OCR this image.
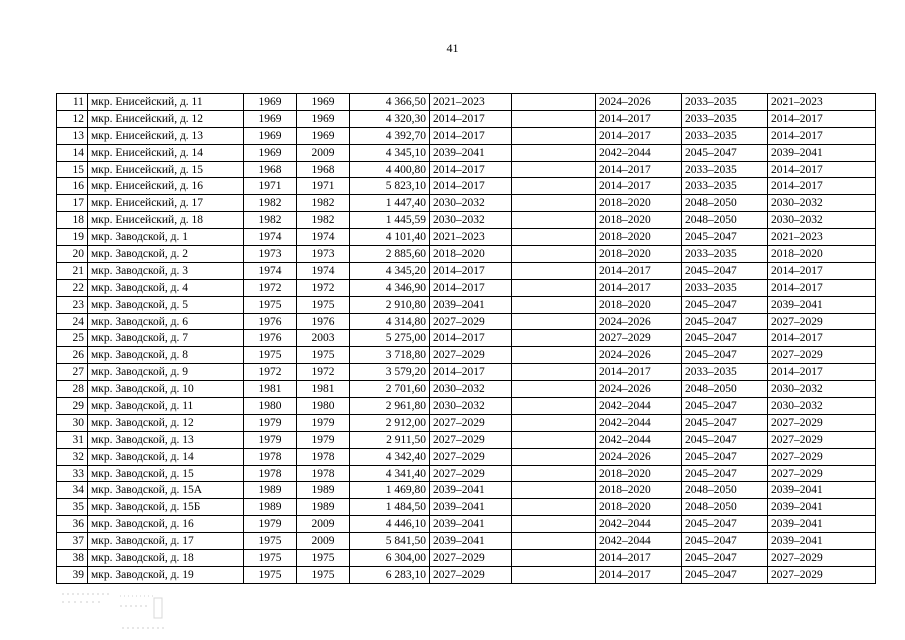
41
11	мкр. Енисейский, д. 11	1969	1969	4 366,50	2021–2023		2024–2026	2033–2035	2021–2023
12	мкр. Енисейский, д. 12	1969	1969	4 320,30	2014–2017		2014–2017	2033–2035	2014–2017
13	мкр. Енисейский, д. 13	1969	1969	4 392,70	2014–2017		2014–2017	2033–2035	2014–2017
14	мкр. Енисейский, д. 14	1969	2009	4 345,10	2039–2041		2042–2044	2045–2047	2039–2041
15	мкр. Енисейский, д. 15	1968	1968	4 400,80	2014–2017		2014–2017	2033–2035	2014–2017
16	мкр. Енисейский, д. 16	1971	1971	5 823,10	2014–2017		2014–2017	2033–2035	2014–2017
17	мкр. Енисейский, д. 17	1982	1982	1 447,40	2030–2032		2018–2020	2048–2050	2030–2032
18	мкр. Енисейский, д. 18	1982	1982	1 445,59	2030–2032		2018–2020	2048–2050	2030–2032
19	мкр. Заводской, д. 1	1974	1974	4 101,40	2021–2023		2018–2020	2045–2047	2021–2023
20	мкр. Заводской, д. 2	1973	1973	2 885,60	2018–2020		2018–2020	2033–2035	2018–2020
21	мкр. Заводской, д. 3	1974	1974	4 345,20	2014–2017		2014–2017	2045–2047	2014–2017
22	мкр. Заводской, д. 4	1972	1972	4 346,90	2014–2017		2014–2017	2033–2035	2014–2017
23	мкр. Заводской, д. 5	1975	1975	2 910,80	2039–2041		2018–2020	2045–2047	2039–2041
24	мкр. Заводской, д. 6	1976	1976	4 314,80	2027–2029		2024–2026	2045–2047	2027–2029
25	мкр. Заводской, д. 7	1976	2003	5 275,00	2014–2017		2027–2029	2045–2047	2014–2017
26	мкр. Заводской, д. 8	1975	1975	3 718,80	2027–2029		2024–2026	2045–2047	2027–2029
27	мкр. Заводской, д. 9	1972	1972	3 579,20	2014–2017		2014–2017	2033–2035	2014–2017
28	мкр. Заводской, д. 10	1981	1981	2 701,60	2030–2032		2024–2026	2048–2050	2030–2032
29	мкр. Заводской, д. 11	1980	1980	2 961,80	2030–2032		2042–2044	2045–2047	2030–2032
30	мкр. Заводской, д. 12	1979	1979	2 912,00	2027–2029		2042–2044	2045–2047	2027–2029
31	мкр. Заводской, д. 13	1979	1979	2 911,50	2027–2029		2042–2044	2045–2047	2027–2029
32	мкр. Заводской, д. 14	1978	1978	4 342,40	2027–2029		2024–2026	2045–2047	2027–2029
33	мкр. Заводской, д. 15	1978	1978	4 341,40	2027–2029		2018–2020	2045–2047	2027–2029
34	мкр. Заводской, д. 15А	1989	1989	1 469,80	2039–2041		2018–2020	2048–2050	2039–2041
35	мкр. Заводской, д. 15Б	1989	1989	1 484,50	2039–2041		2018–2020	2048–2050	2039–2041
36	мкр. Заводской, д. 16	1979	2009	4 446,10	2039–2041		2042–2044	2045–2047	2039–2041
37	мкр. Заводской, д. 17	1975	2009	5 841,50	2039–2041		2042–2044	2045–2047	2039–2041
38	мкр. Заводской, д. 18	1975	1975	6 304,00	2027–2029		2014–2017	2045–2047	2027–2029
39	мкр. Заводской, д. 19	1975	1975	6 283,10	2027–2029		2014–2017	2045–2047	2027–2029
